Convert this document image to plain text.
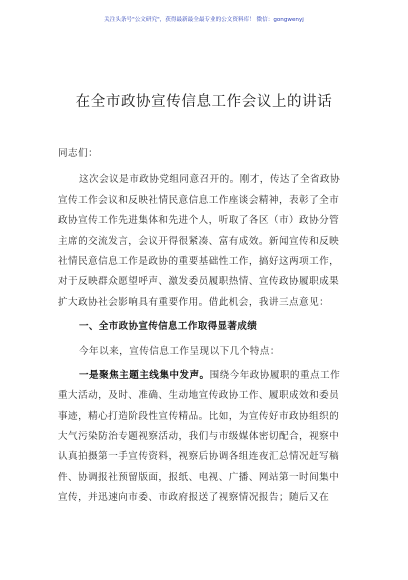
关注头条号"公文研究"，获得最新最全最专业的公文资料库！ 微信：gongwenyj
在全市政协宣传信息工作会议上的讲话
同志们：
这次会议是市政协党组同意召开的。刚才，传达了全省政协
宣传工作会议和反映社情民意信息工作座谈会精神，表彰了全市
政协宣传工作先进集体和先进个人，听取了各区（市）政协分管
主席的交流发言，会议开得很紧凑、富有成效。新闻宣传和反映
社情民意信息工作是政协的重要基础性工作，搞好这两项工作，
对于反映群众愿望呼声、激发委员履职热情、宣传政协履职成果
扩大政协社会影响具有重要作用。借此机会，我讲三点意见：
一、全市政协宣传信息工作取得显著成绩
今年以来，宣传信息工作呈现以下几个特点：
一是聚焦主题主线集中发声。围绕今年政协履职的重点工作
重大活动，及时、准确、生动地宣传政协工作、履职成效和委员
事迹，精心打造阶段性宣传精品。比如，为宣传好市政协组织的
大气污染防治专题视察活动，我们与市级媒体密切配合，视察中
认真拍摄第一手宣传资料，视察后协调各组连夜汇总情况赶写稿
件、协调报社预留版面，报纸、电视、广播、网站第一时间集中
宣传，并迅速向市委、市政府报送了视察情况报告；随后又在
